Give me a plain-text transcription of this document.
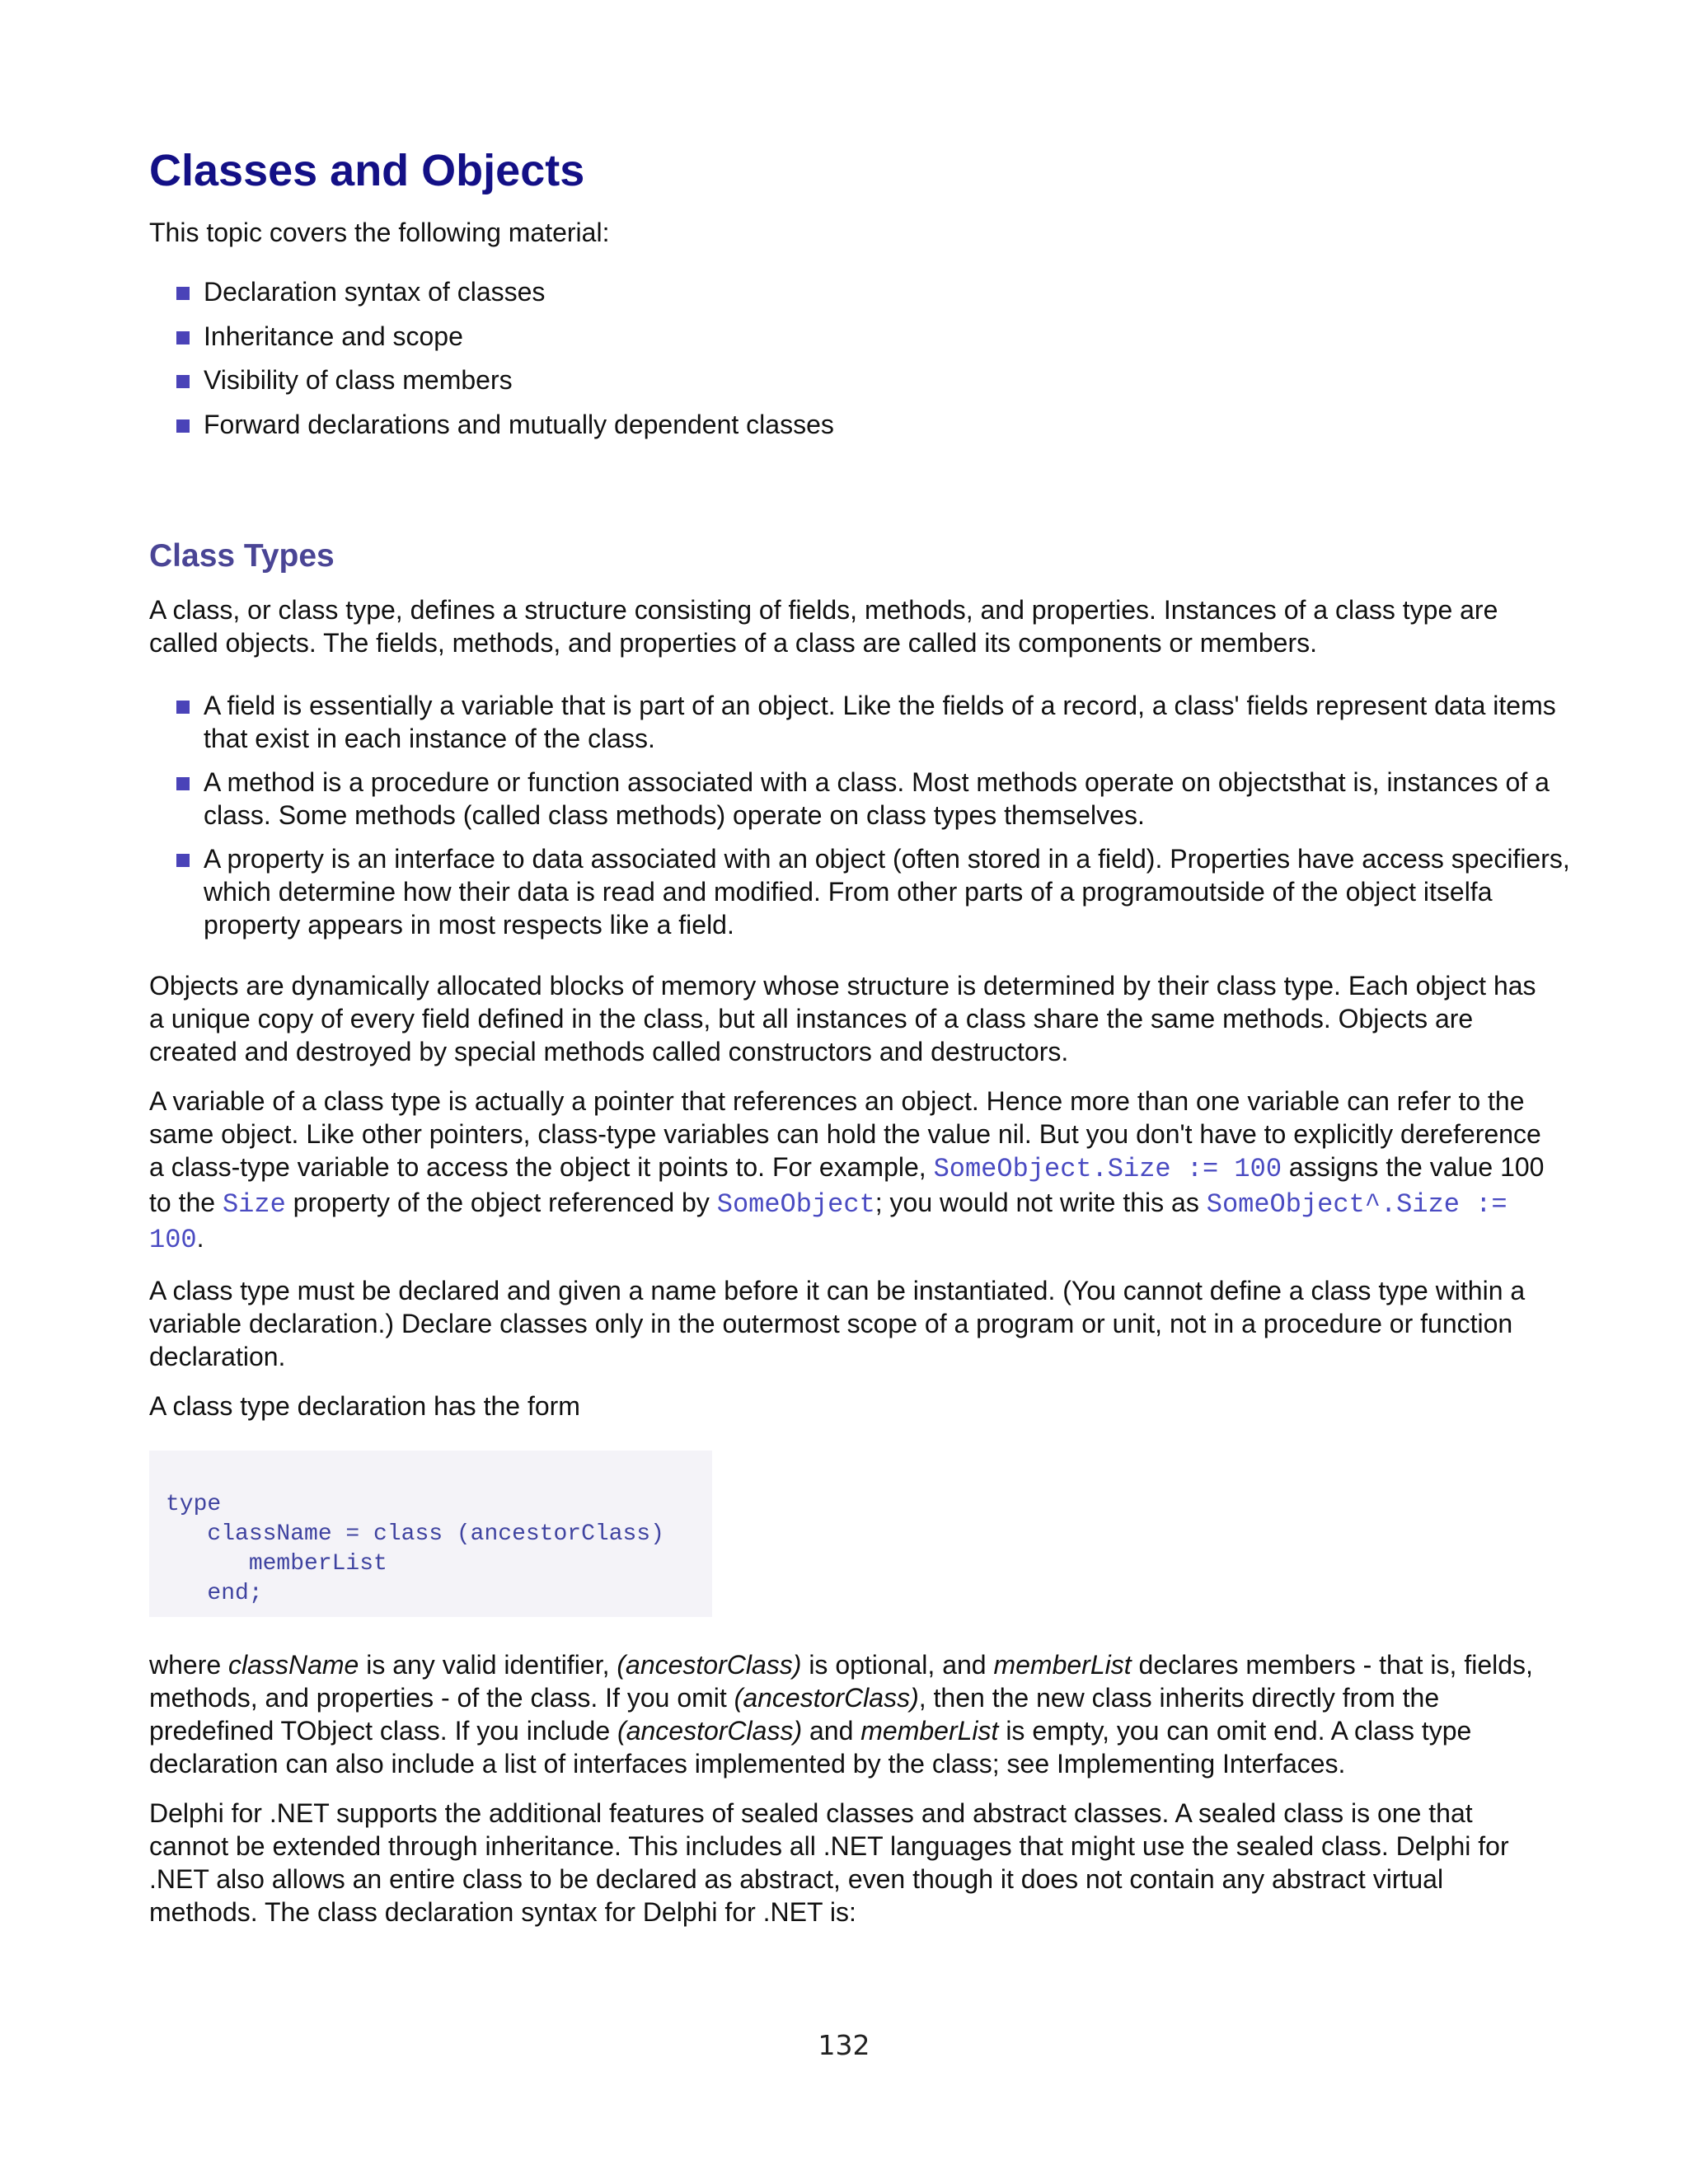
Classes and Objects

This topic covers the following material:

Declaration syntax of classes
Inheritance and scope
Visibility of class members
Forward declarations and mutually dependent classes
Class Types

A class, or class type, defines a structure consisting of fields, methods, and properties. Instances of a class type are called objects. The fields, methods, and properties of a class are called its components or members.

A field is essentially a variable that is part of an object. Like the fields of a record, a class' fields represent data items that exist in each instance of the class.
A method is a procedure or function associated with a class. Most methods operate on objectsthat is, instances of a class. Some methods (called class methods) operate on class types themselves.
A property is an interface to data associated with an object (often stored in a field). Properties have access specifiers, which determine how their data is read and modified. From other parts of a programoutside of the object itselfa property appears in most respects like a field.

Objects are dynamically allocated blocks of memory whose structure is determined by their class type. Each object has a unique copy of every field defined in the class, but all instances of a class share the same methods. Objects are created and destroyed by special methods called constructors and destructors.

A variable of a class type is actually a pointer that references an object. Hence more than one variable can refer to the same object. Like other pointers, class-type variables can hold the value nil. But you don't have to explicitly dereference a class-type variable to access the object it points to. For example, SomeObject.Size := 100 assigns the value 100 to the Size property of the object referenced by SomeObject; you would not write this as SomeObject^.Size := 100.

A class type must be declared and given a name before it can be instantiated. (You cannot define a class type within a variable declaration.) Declare classes only in the outermost scope of a program or unit, not in a procedure or function declaration.

A class type declaration has the form

type
className = class (ancestorClass)
memberList
end;

where className is any valid identifier, (ancestorClass) is optional, and memberList declares members - that is, fields, methods, and properties - of the class. If you omit (ancestorClass), then the new class inherits directly from the predefined TObject class. If you include (ancestorClass) and memberList is empty, you can omit end. A class type declaration can also include a list of interfaces implemented by the class; see Implementing Interfaces.

Delphi for .NET supports the additional features of sealed classes and abstract classes. A sealed class is one that cannot be extended through inheritance. This includes all .NET languages that might use the sealed class. Delphi for .NET also allows an entire class to be declared as abstract, even though it does not contain any abstract virtual methods. The class declaration syntax for Delphi for .NET is:

132
